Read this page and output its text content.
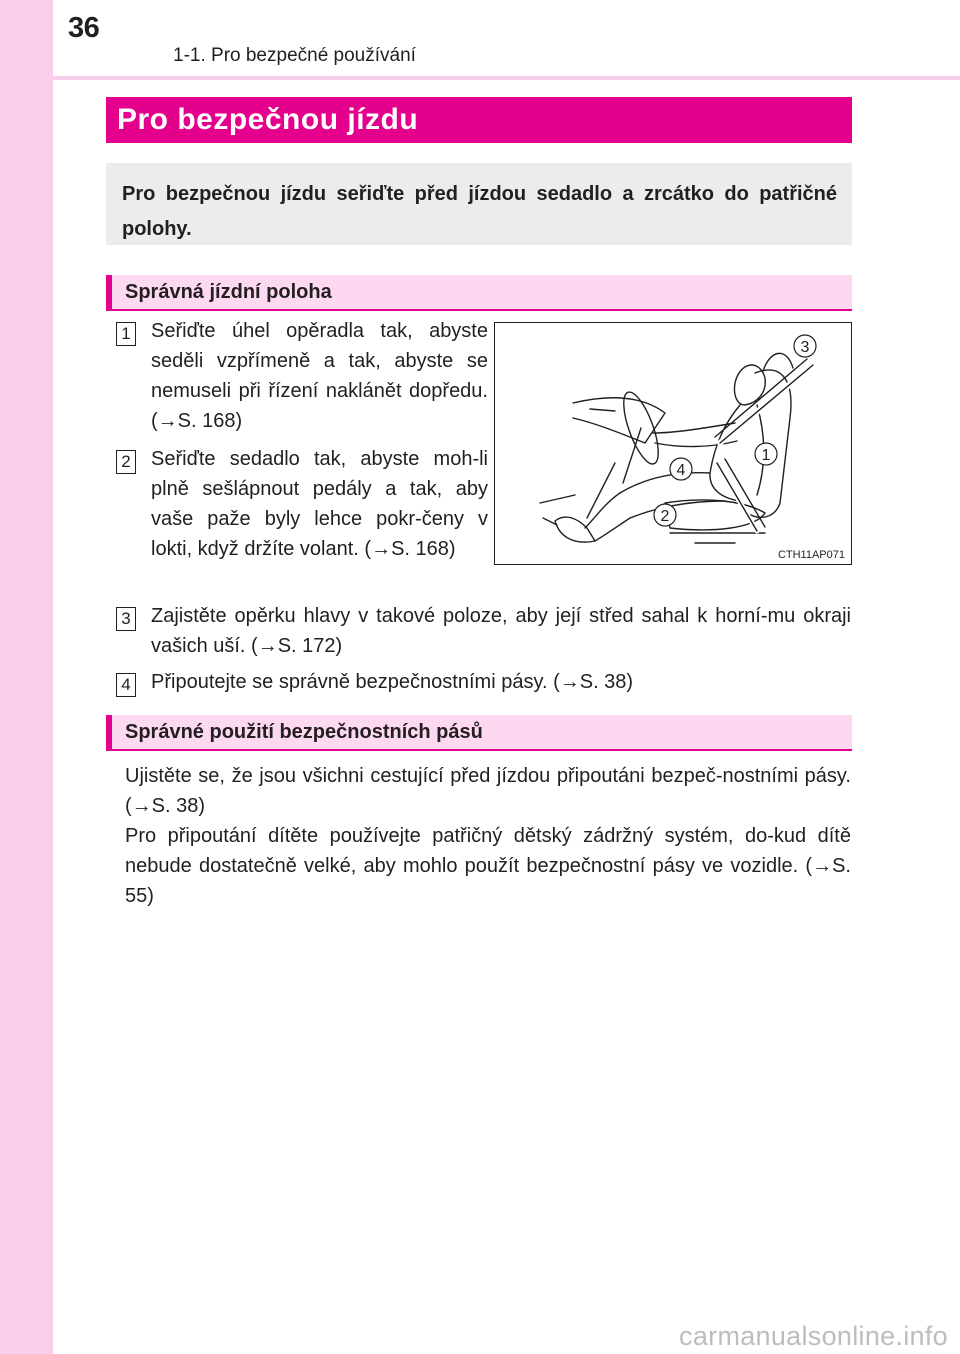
36
1-1. Pro bezpečné používání
Pro bezpečnou jízdu
Pro bezpečnou jízdu seřiďte před jízdou sedadlo a zrcátko do patřičné polohy.
Správná jízdní poloha
1 Seřiďte úhel opěradla tak, abyste seděli vzpřímeně a tak, abyste se nemuseli při řízení naklánět dopředu. (→S. 168)
2 Seřiďte sedadlo tak, abyste moh-li plně sešlápnout pedály a tak, aby vaše paže byly lehce pokr-čeny v lokti, když držíte volant. (→S. 168)
3
1
4
2
CTH11AP071
3 Zajistěte opěrku hlavy v takové poloze, aby její střed sahal k horní-mu okraji vašich uší. (→S. 172)
4 Připoutejte se správně bezpečnostními pásy. (→S. 38)
Správné použití bezpečnostních pásů
Ujistěte se, že jsou všichni cestující před jízdou připoutáni bezpeč-nostními pásy. (→S. 38)
Pro připoutání dítěte používejte patřičný dětský zádržný systém, do-kud dítě nebude dostatečně velké, aby mohlo použít bezpečnostní pásy ve vozidle. (→S. 55)
carmanualsonline.info
